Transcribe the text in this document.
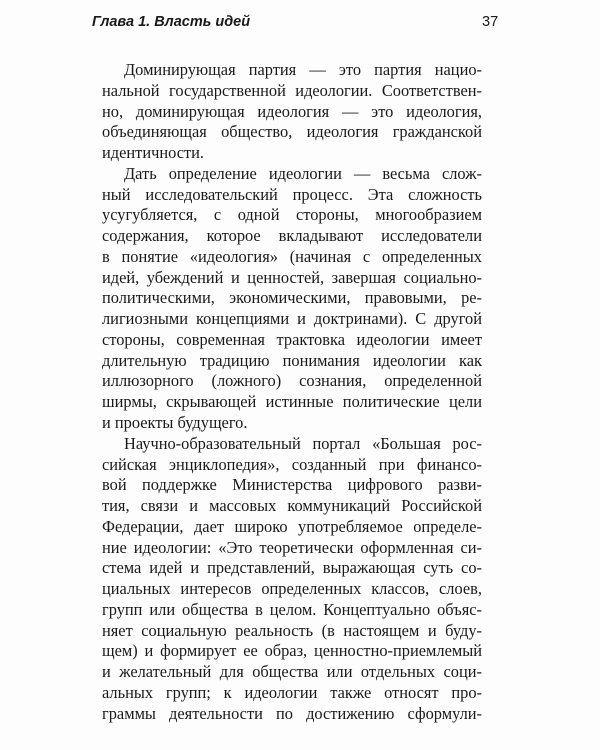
Глава 1. Власть идей	37
Доминирующая партия — это партия нацио-
нальной государственной идеологии. Соответствен-
но, доминирующая идеология — это идеология,
объединяющая общество, идеология гражданской
идентичности.
Дать определение идеологии — весьма слож-
ный исследовательский процесс. Эта сложность
усугубляется, с одной стороны, многообразием
содержания, которое вкладывают исследователи
в понятие «идеология» (начиная с определенных
идей, убеждений и ценностей, завершая социально-
политическими, экономическими, правовыми, ре-
лигиозными концепциями и доктринами). С другой
стороны, современная трактовка идеологии имеет
длительную традицию понимания идеологии как
иллюзорного (ложного) сознания, определенной
ширмы, скрывающей истинные политические цели
и проекты будущего.
Научно-образовательный портал «Большая рос-
сийская энциклопедия», созданный при финансо-
вой поддержке Министерства цифрового разви-
тия, связи и массовых коммуникаций Российской
Федерации, дает широко употребляемое определе-
ние идеологии: «Это теоретически оформленная си-
стема идей и представлений, выражающая суть со-
циальных интересов определенных классов, слоев,
групп или общества в целом. Концептуально объяс-
няет социальную реальность (в настоящем и буду-
щем) и формирует ее образ, ценностно-приемлемый
и желательный для общества или отдельных соци-
альных групп; к идеологии также относят про-
граммы деятельности по достижению сформули-
